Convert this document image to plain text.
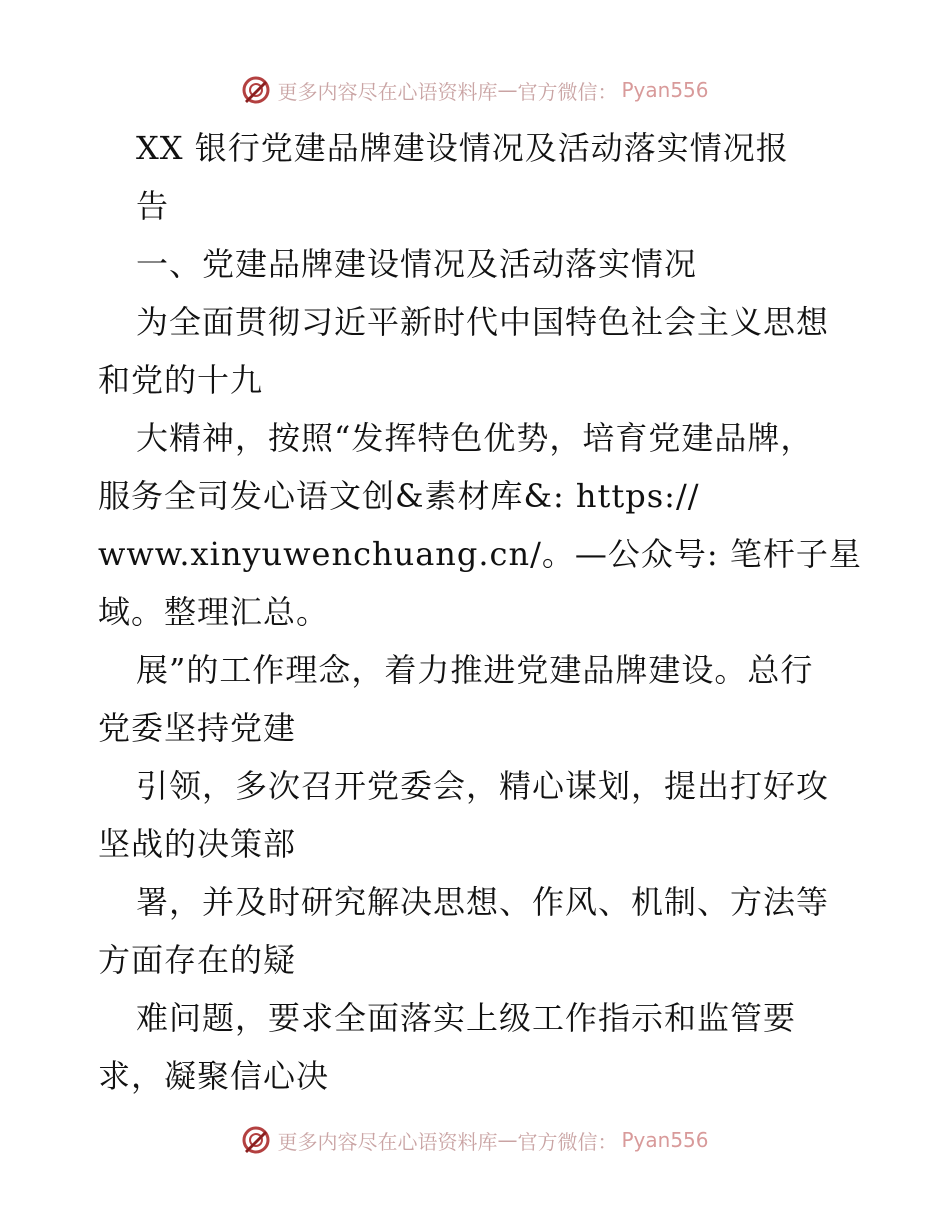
更多内容尽在心语资料库 — 官方微信： Pyan556
XX 银行党建品牌建设情况及活动落实情况报
告
一、党建品牌建设情况及活动落实情况
为全面贯彻习近平新时代中国特色社会主义思想
和党的十九
大精神，按照“发挥特色优势，培育党建品牌，
服务全司发心语文创&素材库&: https://
www.xinyuwenchuang.cn/。—公众号: 笔杆子星
域。整理汇总。
展”的工作理念，着力推进党建品牌建设。总行
党委坚持党建
引领，多次召开党委会，精心谋划，提出打好攻
坚战的决策部
署，并及时研究解决思想、作风、机制、方法等
方面存在的疑
难问题，要求全面落实上级工作指示和监管要
求，凝聚信心决
更多内容尽在心语资料库 — 官方微信： Pyan556
